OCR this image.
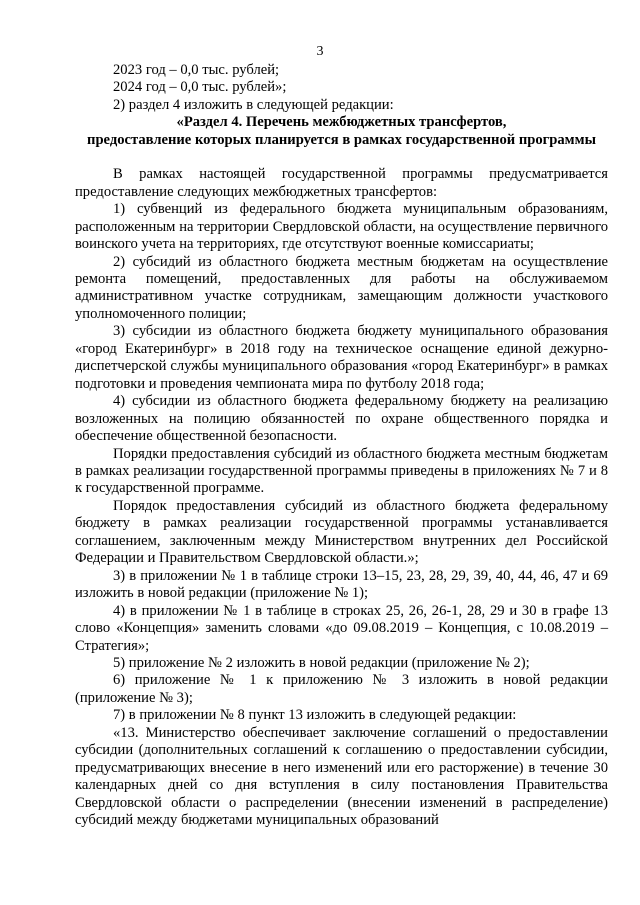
3

2023 год – 0,0 тыс. рублей;

2024 год – 0,0 тыс. рублей»;

2) раздел 4 изложить в следующей редакции:

«Раздел 4. Перечень межбюджетных трансфертов,

предоставление которых планируется в рамках государственной программы

В рамках настоящей государственной программы предусматривается предоставление следующих межбюджетных трансфертов:

1) субвенций из федерального бюджета муниципальным образованиям, расположенным на территории Свердловской области, на осуществление первичного воинского учета на территориях, где отсутствуют военные комиссариаты;

2) субсидий из областного бюджета местным бюджетам на осуществление ремонта помещений, предоставленных для работы на обслуживаемом административном участке сотрудникам, замещающим должности участкового уполномоченного полиции;

3) субсидии из областного бюджета бюджету муниципального образования «город Екатеринбург» в 2018 году на техническое оснащение единой дежурно-диспетчерской службы муниципального образования «город Екатеринбург» в рамках подготовки и проведения чемпионата мира по футболу 2018 года;

4) субсидии из областного бюджета федеральному бюджету на реализацию возложенных на полицию обязанностей по охране общественного порядка и обеспечение общественной безопасности.

Порядки предоставления субсидий из областного бюджета местным бюджетам в рамках реализации государственной программы приведены в приложениях № 7 и 8 к государственной программе.

Порядок предоставления субсидий из областного бюджета федеральному бюджету в рамках реализации государственной программы устанавливается соглашением, заключенным между Министерством внутренних дел Российской Федерации и Правительством Свердловской области.»;

3) в приложении № 1 в таблице строки 13–15, 23, 28, 29, 39, 40, 44, 46, 47 и 69 изложить в новой редакции (приложение № 1);

4) в приложении № 1 в таблице в строках 25, 26, 26-1, 28, 29 и 30 в графе 13 слово «Концепция» заменить словами «до 09.08.2019 – Концепция, с 10.08.2019 – Стратегия»;

5) приложение № 2 изложить в новой редакции (приложение № 2);

6) приложение № 1 к приложению № 3 изложить в новой редакции (приложение № 3);

7) в приложении № 8 пункт 13 изложить в следующей редакции:

«13. Министерство обеспечивает заключение соглашений о предоставлении субсидии (дополнительных соглашений к соглашению о предоставлении субсидии, предусматривающих внесение в него изменений или его расторжение) в течение 30 календарных дней со дня вступления в силу постановления Правительства Свердловской области о распределении (внесении изменений в распределение) субсидий между бюджетами муниципальных образований
